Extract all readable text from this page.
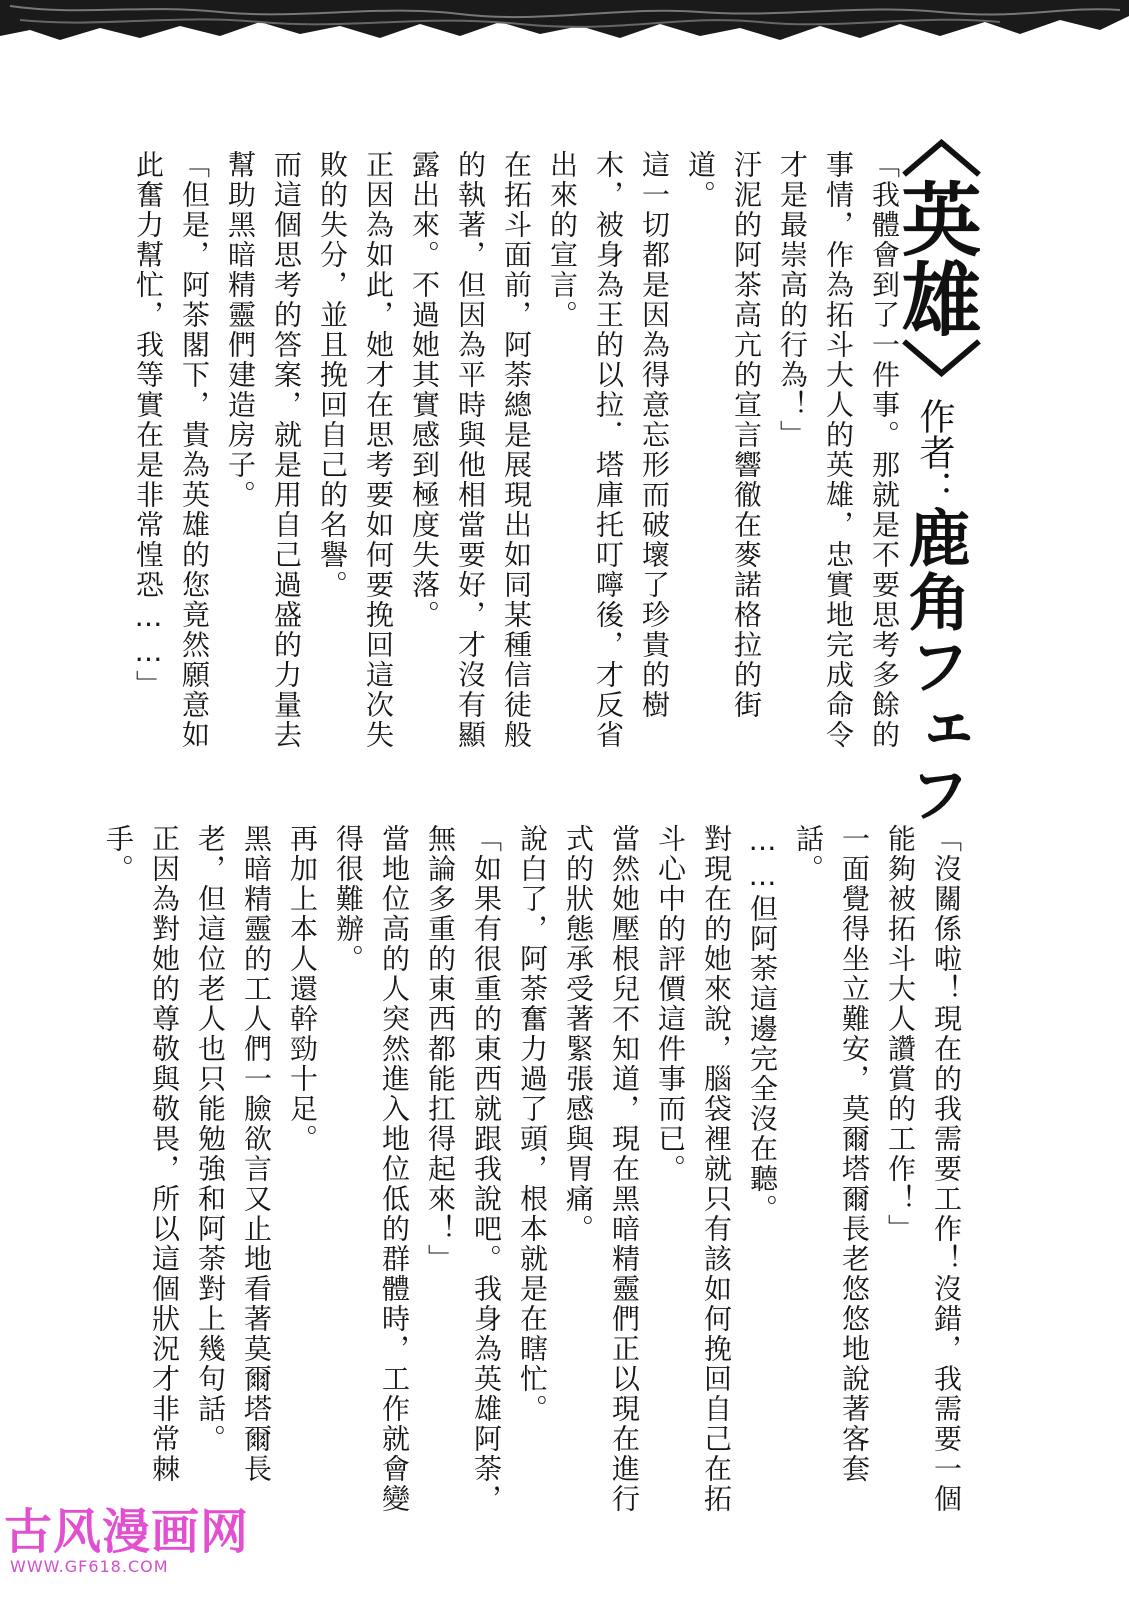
〈英雄〉
作者：鹿角フェフ

「我體會到了一件事。那就是不要思考多餘的事情，作為拓斗大人的英雄，忠實地完成命令才是最崇高的行為！」

汙泥的阿茶高亢的宣言響徹在麥諾格拉的街道。

這一切都是因為得意忘形而破壞了珍貴的樹木，被身為王的以拉．塔庫托叮嚀後，才反省出來的宣言。

在拓斗面前，阿荼總是展現出如同某種信徒般的執著，但因為平時與他相當要好，才沒有顯露出來。不過她其實感到極度失落。

正因為如此，她才在思考要如何要挽回這次失敗的失分，並且挽回自己的名譽。

而這個思考的答案，就是用自己過盛的力量去幫助黑暗精靈們建造房子。

「但是，阿茶閣下，貴為英雄的您竟然願意如此奮力幫忙，我等實在是非常惶恐……」

「沒關係啦！現在的我需要工作！沒錯，我需要一個能夠被拓斗大人讚賞的工作！」

一面覺得坐立難安，莫爾塔爾長老悠悠地說著客套話。

……但阿荼這邊完全沒在聽。

對現在的她來說，腦袋裡就只有該如何挽回自己在拓斗心中的評價這件事而已。

當然她壓根兒不知道，現在黑暗精靈們正以現在進行式的狀態承受著緊張感與胃痛。

說白了，阿荼奮力過了頭，根本就是在瞎忙。

「如果有很重的東西就跟我說吧。我身為英雄阿荼，無論多重的東西都能扛得起來！」

當地位高的人突然進入地位低的群體時，工作就會變得很難辦。

再加上本人還幹勁十足。

黑暗精靈的工人們一臉欲言又止地看著莫爾塔爾長老，但這位老人也只能勉強和阿荼對上幾句話。

正因為對她的尊敬與敬畏，所以這個狀況才非常棘手。

古风漫画网
WWW.GF618.COM
